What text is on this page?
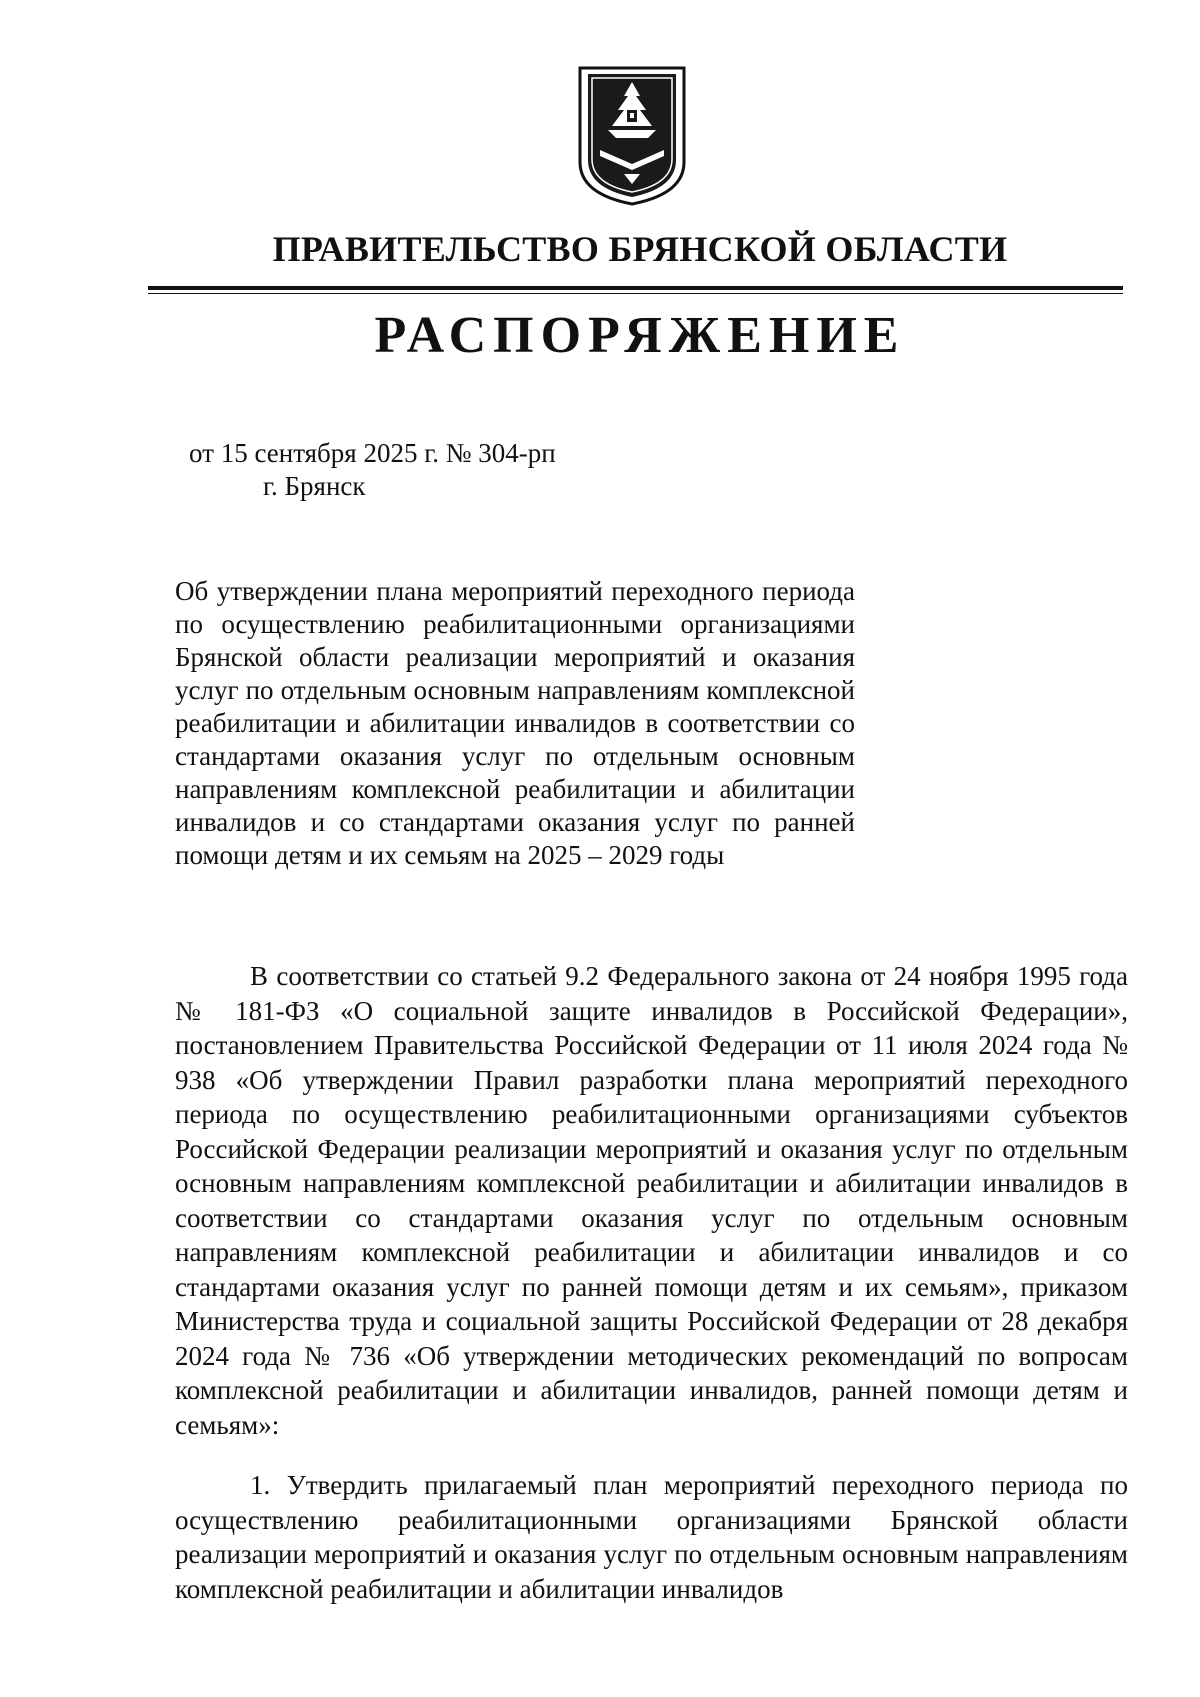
ПРАВИТЕЛЬСТВО БРЯНСКОЙ ОБЛАСТИ
РАСПОРЯЖЕНИЕ
от 15 сентября 2025 г. № 304-рп
г. Брянск
Об утверждении плана мероприятий переходного периода по осуществлению реабилитационными организациями Брянской области реализации мероприятий и оказания услуг по отдельным основным направлениям комплексной реабилитации и абилитации инвалидов в соответствии со стандартами оказания услуг по отдельным основным направлениям комплексной реабилитации и абилитации инвалидов и со стандартами оказания услуг по ранней помощи детям и их семьям на 2025 – 2029 годы

В соответствии со статьей 9.2 Федерального закона от 24 ноября 1995 года № 181-ФЗ «О социальной защите инвалидов в Российской Федерации», постановлением Правительства Российской Федерации от 11 июля 2024 года № 938 «Об утверждении Правил разработки плана мероприятий переходного периода по осуществлению реабилитационными организациями субъектов Российской Федерации реализации мероприятий и оказания услуг по отдельным основным направлениям комплексной реабилитации и абилитации инвалидов в соответствии со стандартами оказания услуг по отдельным основным направлениям комплексной реабилитации и абилитации инвалидов и со стандартами оказания услуг по ранней помощи детям и их семьям», приказом Министерства труда и социальной защиты Российской Федерации от 28 декабря 2024 года № 736 «Об утверждении методических рекомендаций по вопросам комплексной реабилитации и абилитации инвалидов, ранней помощи детям и семьям»:

1. Утвердить прилагаемый план мероприятий переходного периода по осуществлению реабилитационными организациями Брянской области реализации мероприятий и оказания услуг по отдельным основным направлениям комплексной реабилитации и абилитации инвалидов
